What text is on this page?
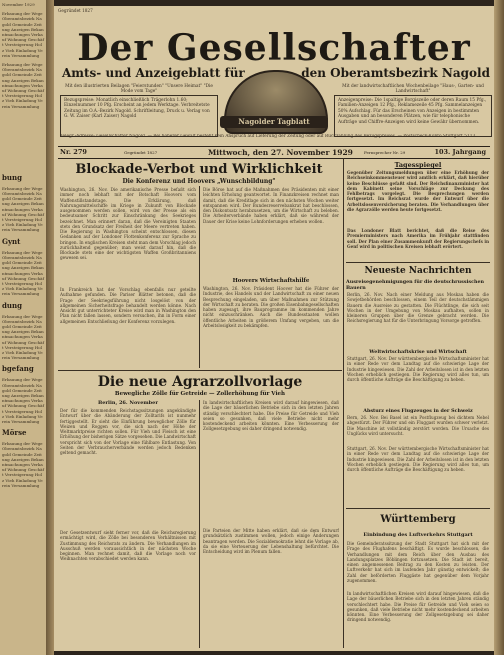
November 1929
Erbauung der Wege Oberamtsbezirk Nagold Gemeinde Zeitung Anzeigen Bekanntmachungen Verkauf Wohnung Geschäft Versteigerung Holz Vieh Einladung Verein Versammlung
Erbauung der Wege Oberamtsbezirk Nagold Gemeinde Zeitung Anzeigen Bekanntmachungen Verkauf Wohnung Geschäft Versteigerung Holz Vieh Einladung Verein Versammlung
bung
Erbauung der Wege Oberamtsbezirk Nagold Gemeinde Zeitung Anzeigen Bekanntmachungen Verkauf Wohnung Geschäft Versteigerung Holz Vieh Einladung Verein Versammlung
Gynt
Erbauung der Wege Oberamtsbezirk Nagold Gemeinde Zeitung Anzeigen Bekanntmachungen Verkauf Wohnung Geschäft Versteigerung Holz Vieh Einladung Verein Versammlung
dung
Erbauung der Wege Oberamtsbezirk Nagold Gemeinde Zeitung Anzeigen Bekanntmachungen Verkauf Wohnung Geschäft Versteigerung Holz Vieh Einladung Verein Versammlung
bgefang
Erbauung der Wege Oberamtsbezirk Nagold Gemeinde Zeitung Anzeigen Bekanntmachungen Verkauf Wohnung Geschäft Versteigerung Holz Vieh Einladung Verein Versammlung
Mörse
Erbauung der Wege Oberamtsbezirk Nagold Gemeinde Zeitung Anzeigen Bekanntmachungen Verkauf Wohnung Geschäft Versteigerung Holz Vieh Einladung Verein Versammlung
Gegründet 1827
Der Gesellschafter
Amts- und Anzeigeblatt für	den Oberamtsbezirk Nagold
Nagolder Tagblatt
Mit den illustrierten Beilagen "Feierstunden" "Unsere Heimat" "Die Mode vom Tage"
Bezugspreise: Monatlich einschließlich Trägerlohn 1.60; Einzelnummer 10 Pfg. Erscheint an jedem Werktage. Verbreitetste Zeitung im O.A.-Bezirk Nagold. Schriftleitung, Druck u. Verlag von G. W. Zaiser (Karl Zaiser) Nagold
Telegr.-Adresse: Gesellschafter Nagold. — Bei höherer Gewalt besteht kein Anspruch auf Lieferung der Zeitung oder auf Rückzahlung des Bezugspreises. — Postscheck-Konto Stuttgart 5113
Mit der landwirtschaftlichen Wochenbeilage "Haus-, Garten- und Landwirtschaft"
Anzeigenpreise: Die 1spaltige Borgiszeile oder deren Raum 15 Pfg., Familien-Anzeigen 12 Pfg., Reklamezeile 45 Pfg. Sammelanzeigen 50% Aufschlag. Für das Erscheinen von Anzeigen in bestimmten Ausgaben und an besonderen Plätzen, wie für telephonische Aufträge und Chiffre-Anzeigen wird keine Gewähr übernommen.
Nr. 279	Gegründet 1827	Mittwoch, den 27. November 1929	Fernsprecher Nr. 29	103. Jahrgang
Blockade-Verbot und Wirklichkeit
Die Konferenz und Hoovers „Wunschbildung"
Washington, 26. Nov. Die amerikanische Presse befaßt sich immer noch lebhaft mit der Botschaft Hoovers vom Waffenstillstandstage. Die Erklärung, daß Nahrungsmittelschiffe im Kriege in Zukunft von Blockade ausgenommen werden sollen, wird von der Presse als ein bedeutsamer Schritt zur Einschränkung des Seekrieges bezeichnet. Man erinnert daran, daß die Vereinigten Staaten stets den Grundsatz der Freiheit der Meere vertreten haben. Die Regierung in Washington scheint entschlossen, diesen Gedanken auf der Londoner Flottenkonferenz zur Sprache zu bringen. In englischen Kreisen steht man dem Vorschlag jedoch zurückhaltend gegenüber; man weist darauf hin, daß die Blockade stets eine der wichtigsten Waffen Großbritanniens gewesen sei.
In Frankreich hat der Vorschlag ebenfalls nur geteilte Aufnahme gefunden. Die Pariser Blätter betonen, daß die Frage der Seekriegsführung nicht losgelöst von der allgemeinen Sicherheitsfrage behandelt werden könne. Nach Ansicht gut unterrichteter Kreise wird man in Washington den Plan nicht fallen lassen, sondern versuchen, ihn in Form einer allgemeinen Entschließung der Konferenz vorzulegen.
Die Börse hat auf die Maßnahmen des Präsidenten mit einer leichten Erholung geantwortet. In Finanzkreisen rechnet man damit, daß die Kreditlage sich in den nächsten Wochen weiter entspannen wird. Der Bundesreservebankrat hat beschlossen, den Diskontsatz herabzusetzen, um die Wirtschaft zu beleben. Die Arbeiterverbände haben erklärt, daß sie während der Dauer der Krise keine Lohnforderungen erheben wollen.
Hoovers Wirtschaftshilfe
Washington, 26. Nov. Präsident Hoover hat die Führer der Industrie, des Handels und der Landwirtschaft zu einer neuen Besprechung eingeladen, um über Maßnahmen zur Stützung der Wirtschaft zu beraten. Die großen Eisenbahngesellschaften haben zugesagt, ihre Bauprogramme im kommenden Jahre nicht einzuschränken. Auch die Bundesstaaten wollen öffentliche Arbeiten in größerem Umfang vergeben, um die Arbeitslosigkeit zu bekämpfen.
Tagesspiegel
Gegenüber Zeitungsmeldungen über eine Erhöhung der Reichseinkommensteuer wird amtlich erklärt, daß hierüber keine Beschlüsse gefaßt sind. Der Reichsfinanzminister hat dem Kabinett seine Vorschläge zur Deckung des Fehlbetrags vorgelegt. Die Besprechungen werden fortgesetzt. Im Reichsrat wurde der Entwurf über die Arbeitslosenversicherung beraten. Die Verhandlungen über die Agrarzölle werden heute fortgesetzt.
Das Londoner Blatt berichtet, daß die Reise des Premierministers nach Amerika im Frühjahr stattfinden soll. Der Plan einer Zusammenkunft der Regierungschefs in Genf wird in politischen Kreisen lebhaft erörtert.
Neueste Nachrichten
Ausreisegenehmigungen für die deutschrussischen Bauern
Berlin, 26. Nov. Nach einer Meldung aus Moskau haben die Sowjetbehörden beschlossen, einem Teil der deutschstämmigen Bauern die Ausreise zu gestatten. Die Flüchtlinge, die sich seit Wochen in der Umgebung von Moskau aufhalten, sollen in kleineren Gruppen über die Grenze gebracht werden. Die Reichsregierung hat für die Unterbringung Vorsorge getroffen.
Weltwirtschaftskrise und Wirtschaft
Stuttgart, 26. Nov. Der württembergische Wirtschaftsminister hat in einer Rede vor dem Landtag auf die schwierige Lage der Industrie hingewiesen. Die Zahl der Arbeitslosen ist in den letzten Wochen erheblich gestiegen. Die Regierung wird alles tun, um durch öffentliche Aufträge die Beschäftigung zu heben.
Absturz eines Flugzeuges in der Schweiz
Bern, 26. Nov. Bei Basel ist ein Postflugzeug bei dichtem Nebel abgestürzt. Der Führer und ein Fluggast wurden schwer verletzt. Die Maschine ist vollständig zerstört worden. Die Ursache des Unglücks wird untersucht.
Stuttgart, 26. Nov. Der württembergische Wirtschaftsminister hat in einer Rede vor dem Landtag auf die schwierige Lage der Industrie hingewiesen. Die Zahl der Arbeitslosen ist in den letzten Wochen erheblich gestiegen. Die Regierung wird alles tun, um durch öffentliche Aufträge die Beschäftigung zu heben.
Württemberg
Einbindung des Luftverkehrs Stuttgart
Die Gemeinderatssitzung der Stadt Stuttgart hat sich mit der Frage des Flughafens beschäftigt. Es wurde beschlossen, die Verhandlungen mit dem Reich über den Ausbau des Landungsplatzes Böblingen fortzusetzen. Die Stadt ist bereit, einen angemessenen Beitrag zu den Kosten zu leisten. Der Luftverkehr hat sich im laufenden Jahr günstig entwickelt; die Zahl der beförderten Fluggäste hat gegenüber dem Vorjahr zugenommen.
In landwirtschaftlichen Kreisen wird darauf hingewiesen, daß die Lage der bäuerlichen Betriebe sich in den letzten Jahren ständig verschlechtert habe. Die Preise für Getreide und Vieh seien so gesunken, daß viele Betriebe nicht mehr kostendeckend arbeiten könnten. Eine Verbesserung der Zollgesetzgebung sei daher dringend notwendig.
Die neue Agrarzollvorlage
Bewegliche Zölle für Getreide — Zollerhöhung für Vieh
Berlin, 26. November
Der für die kommenden Reichstagssitzungen angekündigte Entwurf über die Abänderung der Zolltarifs ist nunmehr fertiggestellt. Er sieht die Einführung beweglicher Zölle für Weizen und Roggen vor, die sich nach der Höhe der Weltmarktpreise richten sollen. Für Vieh und Fleisch ist eine Erhöhung der bisherigen Sätze vorgesehen. Die Landwirtschaft verspricht sich von der Vorlage eine fühlbare Entlastung. Von Seiten der Verbraucherverbände werden jedoch Bedenken geltend gemacht.
Der Gesetzentwurf sieht ferner vor, daß die Reichsregierung ermächtigt wird, die Zölle bei besonderen Verhältnissen mit Zustimmung des Reichsrats zu ändern. Die Verhandlungen im Ausschuß werden voraussichtlich in der nächsten Woche beginnen. Man rechnet damit, daß die Vorlage noch vor Weihnachten verabschiedet werden kann.
In landwirtschaftlichen Kreisen wird darauf hingewiesen, daß die Lage der bäuerlichen Betriebe sich in den letzten Jahren ständig verschlechtert habe. Die Preise für Getreide und Vieh seien so gesunken, daß viele Betriebe nicht mehr kostendeckend arbeiten könnten. Eine Verbesserung der Zollgesetzgebung sei daher dringend notwendig.
Die Parteien der Mitte haben erklärt, daß sie dem Entwurf grundsätzlich zustimmen wollen, jedoch einige Änderungen beantragen werden. Die Sozialdemokratie lehnt die Vorlage ab, da sie eine Verteuerung der Lebenshaltung befürchtet. Die Entscheidung wird im Plenum fallen.
